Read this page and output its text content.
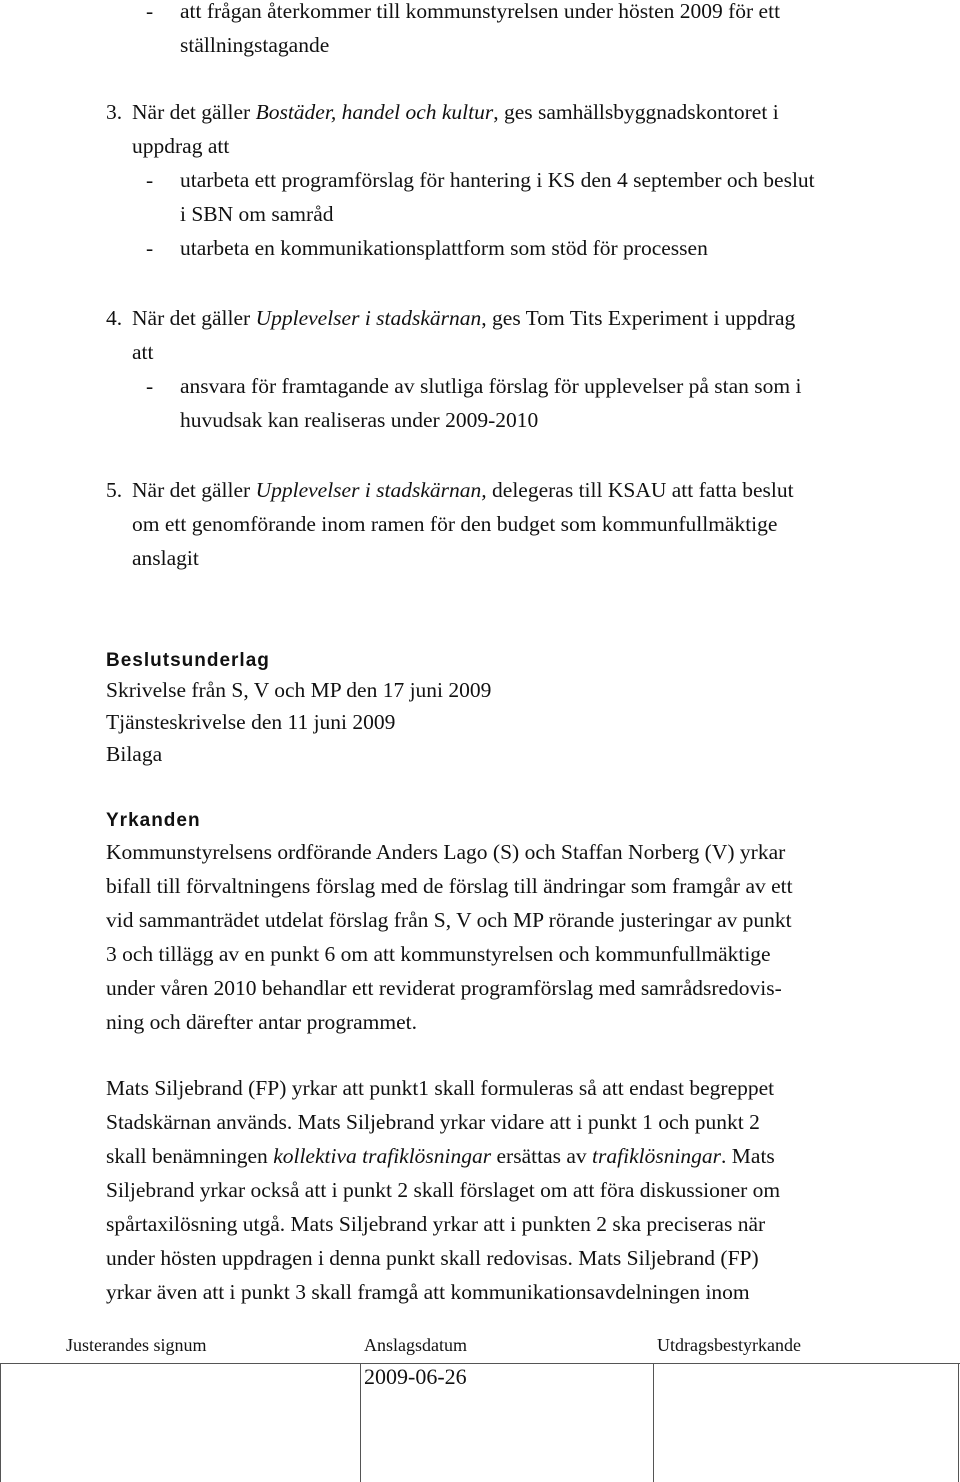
- att frågan återkommer till kommunstyrelsen under hösten 2009 för ett
ställningstagande
3. När det gäller Bostäder, handel och kultur, ges samhällsbyggnadskontoret i
uppdrag att
- utarbeta ett programförslag för hantering i KS den 4 september och beslut
i SBN om samråd
- utarbeta en kommunikationsplattform som stöd för processen
4. När det gäller Upplevelser i stadskärnan, ges Tom Tits Experiment i uppdrag
att
- ansvara för framtagande av slutliga förslag för upplevelser på stan som i
huvudsak kan realiseras under 2009-2010
5. När det gäller Upplevelser i stadskärnan, delegeras till KSAU att fatta beslut
om ett genomförande inom ramen för den budget som kommunfullmäktige
anslagit
Beslutsunderlag
Skrivelse från S, V och MP den 17 juni 2009
Tjänsteskrivelse den 11 juni 2009
Bilaga
Yrkanden
Kommunstyrelsens ordförande Anders Lago (S) och Staffan Norberg (V) yrkar
bifall till förvaltningens förslag med de förslag till ändringar som framgår av ett
vid sammanträdet utdelat förslag från S, V och MP rörande justeringar av punkt
3 och tillägg av en punkt 6 om att kommunstyrelsen och kommunfullmäktige
under våren 2010 behandlar ett reviderat programförslag med samrådsredovis-
ning och därefter antar programmet.
Mats Siljebrand (FP) yrkar att punkt1 skall formuleras så att endast begreppet
Stadskärnan används. Mats Siljebrand yrkar vidare att i punkt 1 och punkt 2
skall benämningen kollektiva trafiklösningar ersättas av trafiklösningar. Mats
Siljebrand yrkar också att i punkt 2 skall förslaget om att föra diskussioner om
spårtaxilösning utgå. Mats Siljebrand yrkar att i punkten 2 ska preciseras när
under hösten uppdragen i denna punkt skall redovisas. Mats Siljebrand (FP)
yrkar även att i punkt 3 skall framgå att kommunikationsavdelningen inom
Justerandes signum	Anslagsdatum	Utdragsbestyrkande
2009-06-26
